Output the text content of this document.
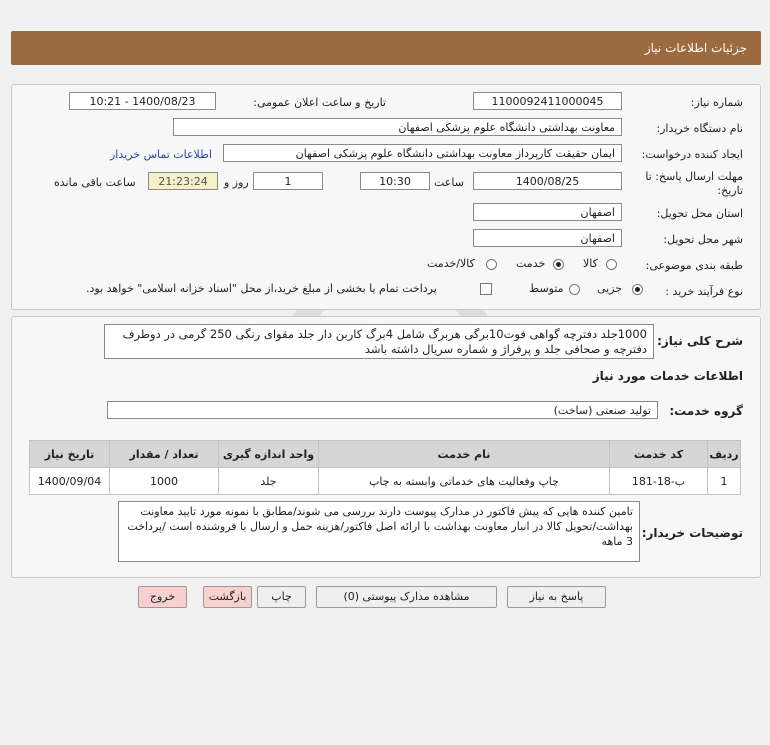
جزئیات اطلاعات نیاز
شماره نیاز:
1100092411000045
تاریخ و ساعت اعلان عمومی:
1400/08/23 - 10:21
نام دستگاه خریدار:
معاونت بهداشتی دانشگاه علوم پزشکی اصفهان
ایجاد کننده درخواست:
ایمان حقیقت کارپرداز معاونت بهداشتی دانشگاه علوم پزشکی اصفهان
اطلاعات تماس خریدار
مهلت ارسال پاسخ: تا تاریخ:
1400/08/25
ساعت
10:30
1
روز و
21:23:24
ساعت باقی مانده
استان محل تحویل:
اصفهان
شهر محل تحویل:
اصفهان
طبقه بندی موضوعی:
کالا
خدمت
کالا/خدمت
نوع فرآیند خرید :
جزیی
متوسط
پرداخت تمام یا بخشی از مبلغ خرید،از محل "اسناد خزانه اسلامی" خواهد بود.
شرح کلی نیاز:
1000جلد دفترچه گواهی فوت10برگی هربرگ شامل 4برگ کاربن دار جلد مقوای رنگی 250 گرمی در دوطرف دفترچه و صحافی جلد و پرفراژ و شماره سریال داشته باشد
اطلاعات خدمات مورد نیاز
گروه خدمت:
تولید صنعتی (ساخت)
ردیف	کد خدمت	نام خدمت	واحد اندازه گیری	تعداد / مقدار	تاریخ نیاز
1	ب-18-181	چاپ وفعالیت های خدماتی وابسته به چاپ	جلد	1000	1400/09/04
توضیحات خریدار:
تامین کننده هایی که پیش فاکتور در مدارک پیوست دارند بررسی می شوند/مطابق با نمونه مورد تایید معاونت بهداشت/تحویل کالا در انبار معاونت بهداشت با ارائه اصل فاکتور/هزینه حمل و ارسال با فروشنده است /پرداخت 3 ماهه
پاسخ به نیاز
مشاهده مدارک پیوستی (0)
چاپ
بازگشت
خروج
